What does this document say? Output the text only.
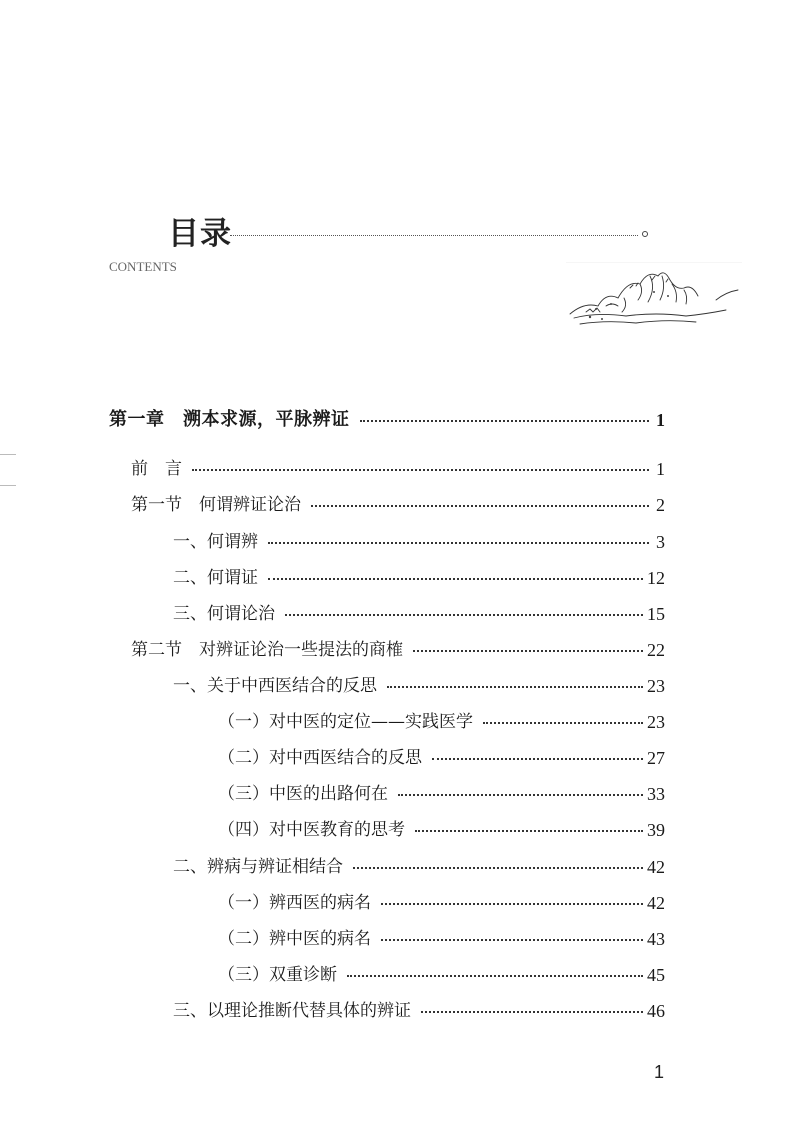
目录
CONTENTS
第一章　溯本求源，平脉辨证	1
前　言	1
第一节　何谓辨证论治	2
一、何谓辨	3
二、何谓证	12
三、何谓论治	15
第二节　对辨证论治一些提法的商榷	22
一、关于中西医结合的反思	23
（一）对中医的定位——实践医学	23
（二）对中西医结合的反思	27
（三）中医的出路何在	33
（四）对中医教育的思考	39
二、辨病与辨证相结合	42
（一）辨西医的病名	42
（二）辨中医的病名	43
（三）双重诊断	45
三、以理论推断代替具体的辨证	46
1
